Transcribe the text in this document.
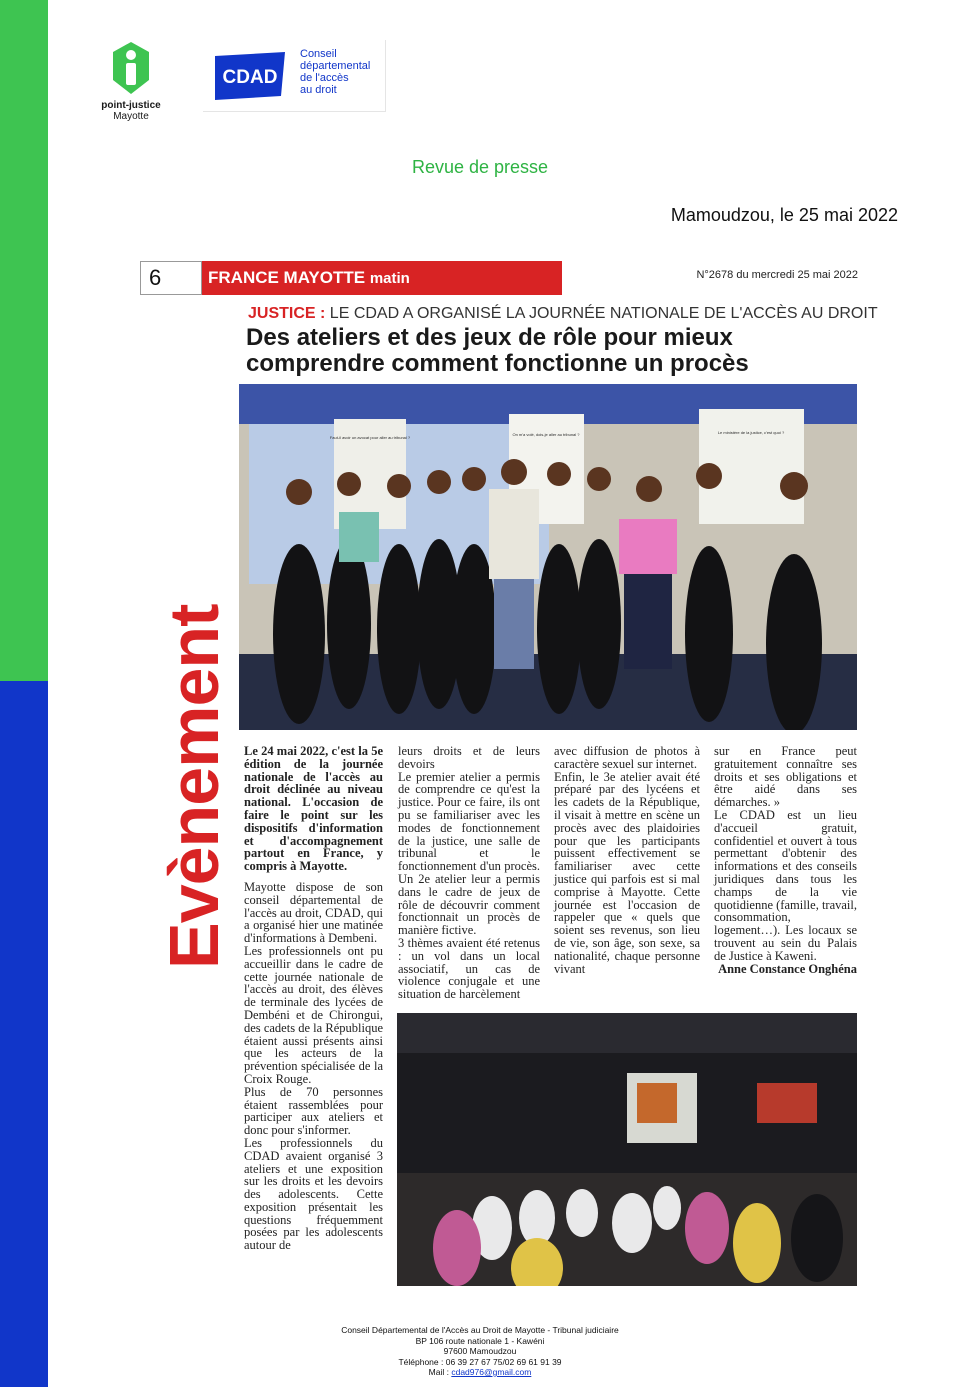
point-justice
Mayotte
CDAD
Conseil
départemental
de l'accès
au droit
Revue de presse
Mamoudzou, le 25 mai 2022
6	FRANCE MAYOTTE matin	N°2678 du mercredi 25 mai 2022
JUSTICE : LE CDAD A ORGANISÉ LA JOURNÉE NATIONALE DE L'ACCÈS AU DROIT
Des ateliers et des jeux de rôle pour mieux comprendre comment fonctionne un procès
Faut-il avoir un avocat pour aller au tribunal ?
On m'a volé, dois-je aller au tribunal ?	Le ministère de la justice, c'est quoi ?
Evènement Le 24 mai 2022, c'est la 5e édition de la journée nationale de l'accès au droit déclinée au niveau national. L'occasion de faire le point sur les dispositifs d'information et d'accompagnement partout en France, y compris à Mayotte.

Mayotte dispose de son conseil départemental de l'accès au droit, CDAD, qui a organisé hier une matinée d'informations à Dembeni.

Les professionnels ont pu accueillir dans le cadre de cette journée nationale de l'accès au droit, des élèves de terminale des lycées de Dembéni et de Chirongui, des cadets de la République étaient aussi présents ainsi que les acteurs de la prévention spécialisée de la Croix Rouge.

Plus de 70 personnes étaient rassemblées pour participer aux ateliers et donc pour s'informer.

Les professionnels du CDAD avaient organisé 3 ateliers et une exposition sur les droits et les devoirs des adolescents. Cette exposition présentait les questions fréquemment posées par les adolescents autour de

leurs droits et de leurs devoirs

Le premier atelier a permis de comprendre ce qu'est la justice. Pour ce faire, ils ont pu se familiariser avec les modes de fonctionnement de la justice, une salle de tribunal et le fonctionnement d'un procès. Un 2e atelier leur a permis dans le cadre de jeux de rôle de découvrir comment fonctionnait un procès de manière fictive.

3 thèmes avaient été retenus : un vol dans un local associatif, un cas de violence conjugale et une situation de harcèlement

avec diffusion de photos à caractère sexuel sur internet.

Enfin, le 3e atelier avait été préparé par des lycéens et les cadets de la République, il visait à mettre en scène un procès avec des plaidoiries pour que les participants puissent effectivement se familiariser avec cette justice qui parfois est si mal comprise à Mayotte. Cette journée est l'occasion de rappeler que « quels que soient ses revenus, son lieu de vie, son âge, son sexe, sa nationalité, chaque personne vivant

sur en France peut gratuitement connaître ses droits et ses obligations et être aidé dans ses démarches. »

Le CDAD est un lieu d'accueil gratuit, confidentiel et ouvert à tous permettant d'obtenir des informations et des conseils juridiques dans tous les champs de la vie quotidienne (famille, travail, consommation, logement…). Les locaux se trouvent au sein du Palais de Justice à Kaweni.

Anne Constance Onghéna

Conseil Départemental de l'Accès au Droit de Mayotte - Tribunal judiciaire
BP 106 route nationale 1 - Kawéni
97600 Mamoudzou
Téléphone : 06 39 27 67 75/02 69 61 91 39
Mail : cdad976@gmail.com
